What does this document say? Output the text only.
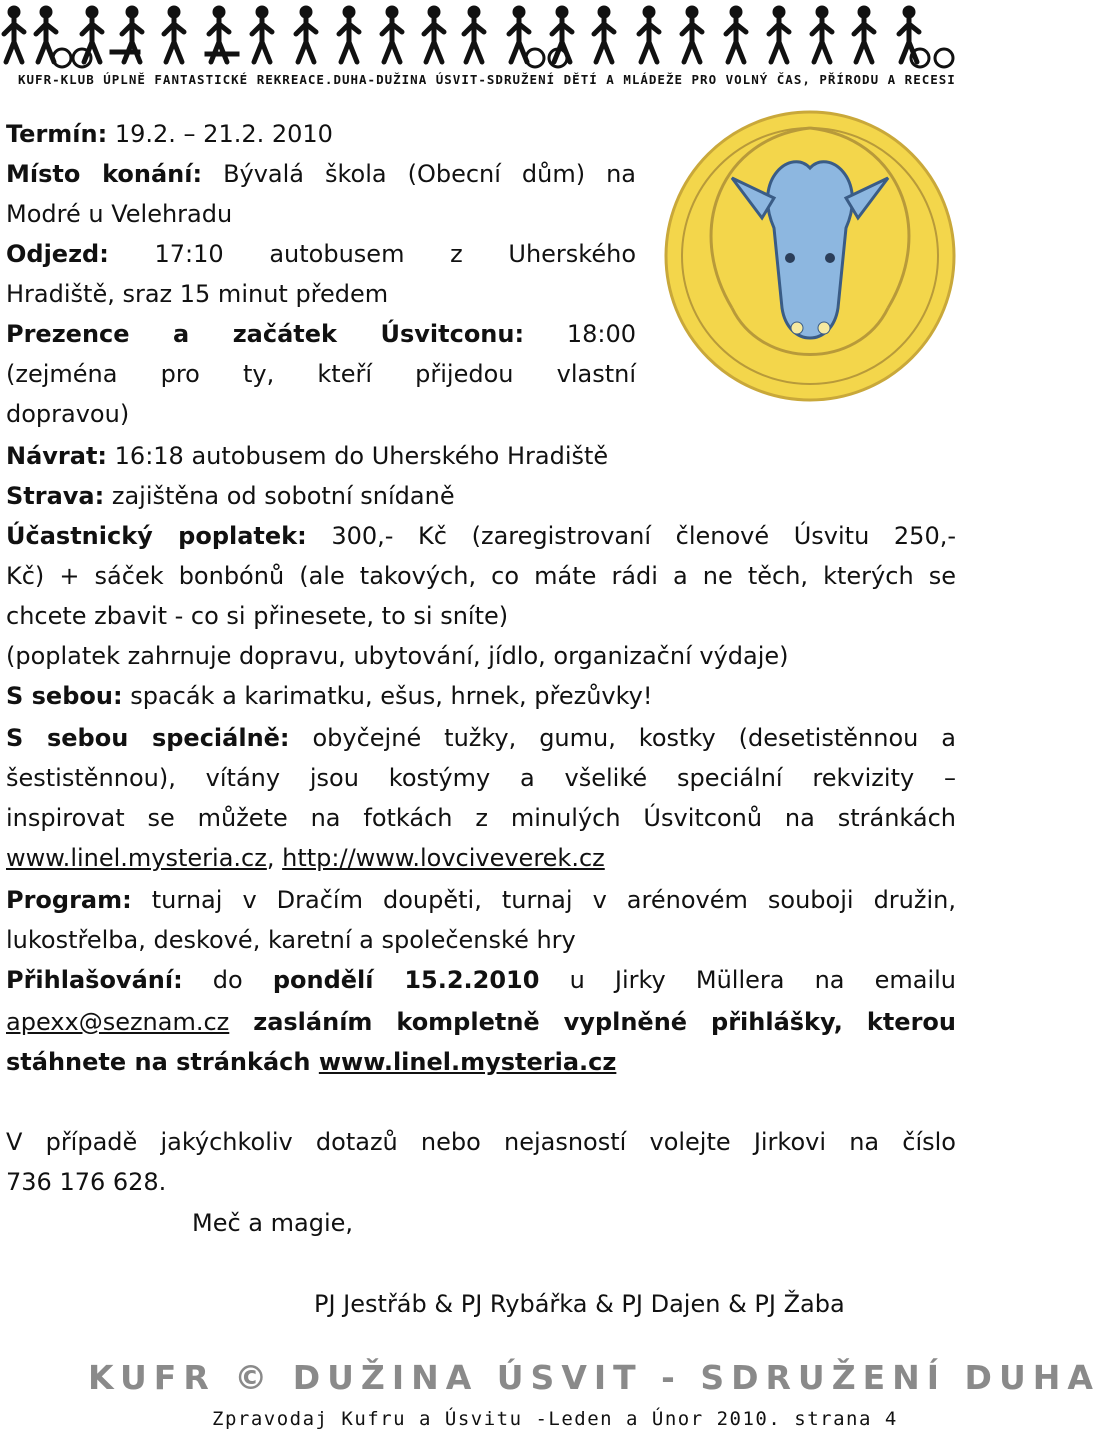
KUFR-KLUB ÚPLNĚ FANTASTICKÉ REKREACE.DUHA-DUŽINA ÚSVIT-SDRUŽENÍ DĚTÍ A MLÁDEŽE PRO VOLNÝ ČAS, PŘÍRODU A RECESI
Termín: 19.2. – 21.2. 2010
Místo konání: Bývalá škola (Obecní dům) na
Modré u Velehradu
Odjezd: 17:10 autobusem z Uherského
Hradiště, sraz 15 minut předem
Prezence a začátek Úsvitconu: 18:00
(zejména pro ty, kteří přijedou vlastní
dopravou)
Návrat: 16:18 autobusem do Uherského Hradiště
Strava: zajištěna od sobotní snídaně
Účastnický poplatek: 300,- Kč (zaregistrovaní členové Úsvitu 250,-
Kč) + sáček bonbónů (ale takových, co máte rádi a ne těch, kterých se
chcete zbavit - co si přinesete, to si sníte)
(poplatek zahrnuje dopravu, ubytování, jídlo, organizační výdaje)
S sebou: spacák a karimatku, ešus, hrnek, přezůvky!
S sebou speciálně: obyčejné tužky, gumu, kostky (desetistěnnou a
šestistěnnou), vítány jsou kostýmy a všeliké speciální rekvizity –
inspirovat se můžete na fotkách z minulých Úsvitconů na stránkách
www.linel.mysteria.cz, http://www.lovciveverek.cz
Program: turnaj v Dračím doupěti, turnaj v arénovém souboji družin,
lukostřelba, deskové, karetní a společenské hry
Přihlašování: do pondělí 15.2.2010 u Jirky Müllera na emailu
apexx@seznam.cz zasláním kompletně vyplněné přihlášky, kterou
stáhnete na stránkách www.linel.mysteria.cz
V případě jakýchkoliv dotazů nebo nejasností volejte Jirkovi na číslo
736 176 628.
Meč a magie,
PJ Jestřáb & PJ Rybářka & PJ Dajen & PJ Žaba
KUFR © DUŽINA ÚSVIT - SDRUŽENÍ DUHA
Zpravodaj Kufru a Úsvitu -Leden a Únor 2010. strana 4
